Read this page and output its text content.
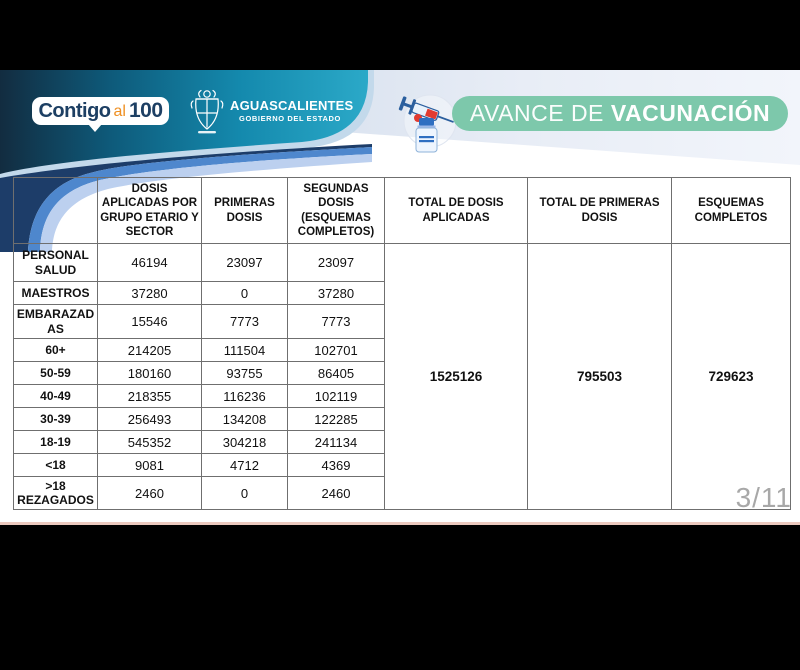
Contigo al 100	AGUASCALIENTES
GOBIERNO DEL ESTADO	AVANCE DE VACUNACIÓN
	DOSIS APLICADAS POR GRUPO ETARIO Y SECTOR	PRIMERAS DOSIS	SEGUNDAS DOSIS (ESQUEMAS COMPLETOS)	TOTAL DE DOSIS APLICADAS	TOTAL DE PRIMERAS DOSIS	ESQUEMAS COMPLETOS
PERSONAL SALUD	46194	23097	23097	1525126	795503	729623
MAESTROS	37280	0	37280			
EMBARAZADAS	15546	7773	7773			
60+	214205	111504	102701			
50-59	180160	93755	86405			
40-49	218355	116236	102119			
30-39	256493	134208	122285			
18-19	545352	304218	241134			
<18	9081	4712	4369			
>18 REZAGADOS	2460	0	2460				3/11
